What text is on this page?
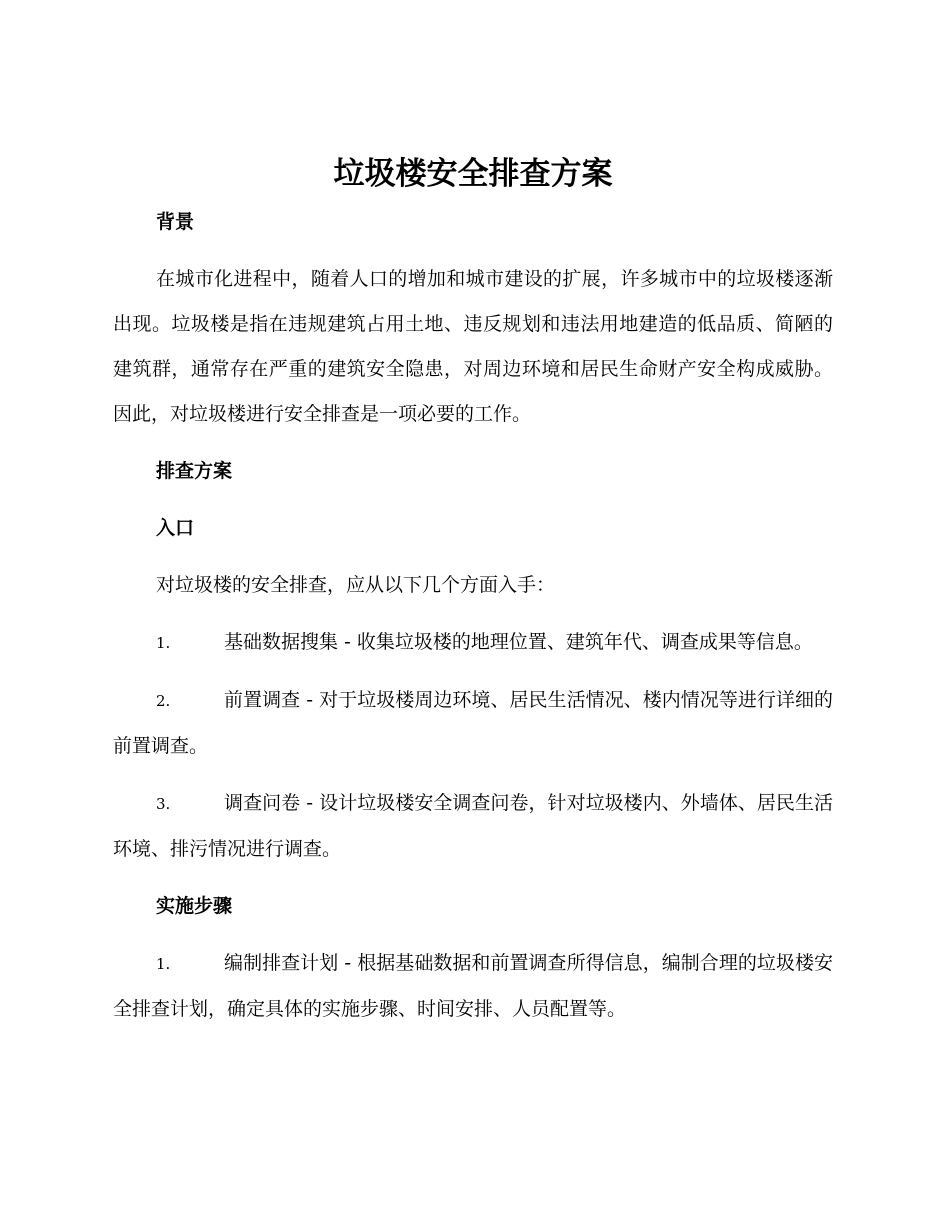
垃圾楼安全排查方案

背景

在城市化进程中，随着人口的增加和城市建设的扩展，许多城市中的垃圾楼逐渐出现。垃圾楼是指在违规建筑占用土地、违反规划和违法用地建造的低品质、简陋的建筑群，通常存在严重的建筑安全隐患，对周边环境和居民生命财产安全构成威胁。因此，对垃圾楼进行安全排查是一项必要的工作。

排查方案

入口

对垃圾楼的安全排查，应从以下几个方面入手：

1.	基础数据搜集 - 收集垃圾楼的地理位置、建筑年代、调查成果等信息。

2.	前置调查 - 对于垃圾楼周边环境、居民生活情况、楼内情况等进行详细的前置调查。

3.	调查问卷 - 设计垃圾楼安全调查问卷，针对垃圾楼内、外墙体、居民生活环境、排污情况进行调查。

实施步骤

1.	编制排查计划 - 根据基础数据和前置调查所得信息，编制合理的垃圾楼安全排查计划，确定具体的实施步骤、时间安排、人员配置等。
